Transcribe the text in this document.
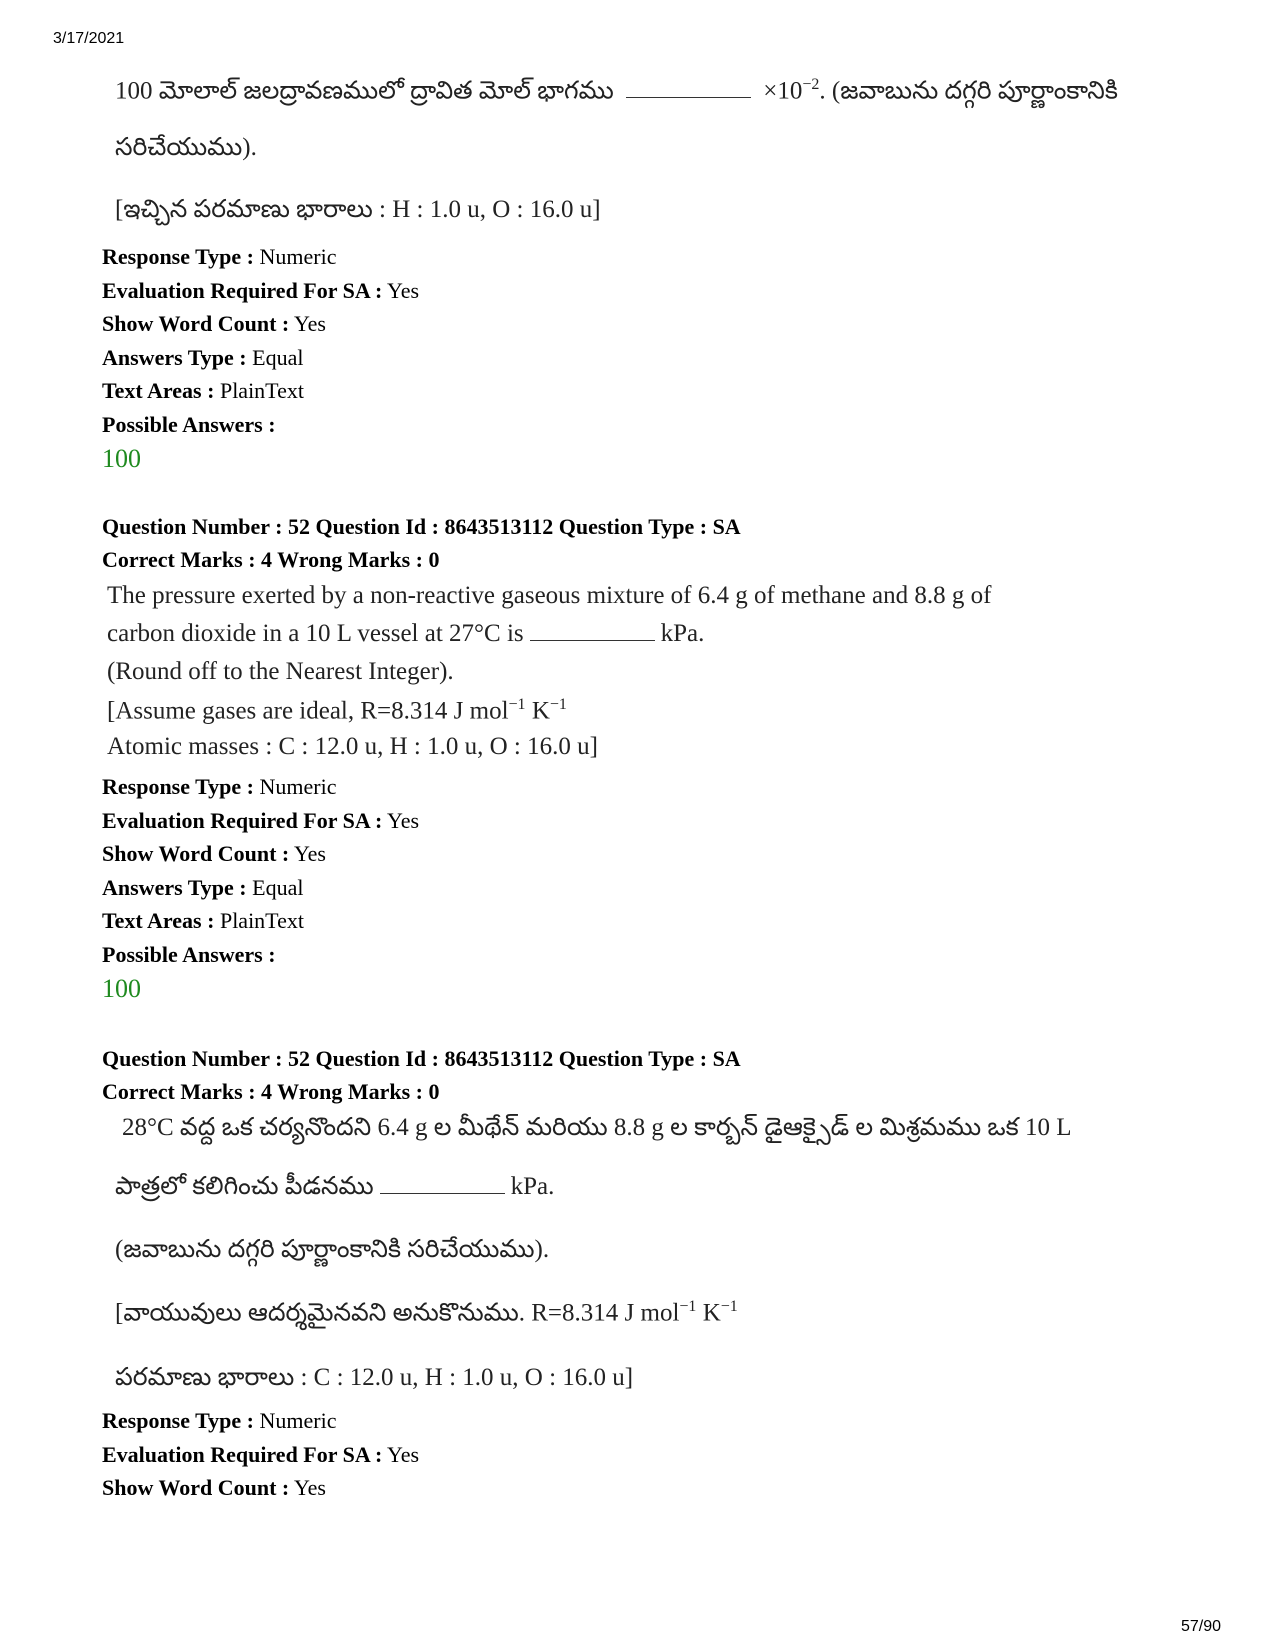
3/17/2021
100 మోలాల్ జలద్రావణములో ద్రావిత మోల్ భాగము	$\times 10^{-2}$. (జవాబును దగ్గరి పూర్ణాంకానికి
సరిచేయుము).
[ఇచ్చిన పరమాణు భారాలు : H : 1.0 u, O : 16.0 u]
Response Type : Numeric
Evaluation Required For SA : Yes
Show Word Count : Yes
Answers Type : Equal
Text Areas : PlainText
Possible Answers :
100
Question Number : 52 Question Id : 8643513112 Question Type : SA
Correct Marks : 4 Wrong Marks : 0
The pressure exerted by a non-reactive gaseous mixture of 6.4 g of methane and 8.8 g of
carbon dioxide in a 10 L vessel at 27°C is	kPa.
(Round off to the Nearest Integer).
[Assume gases are ideal, R=8.314 J mol$^{-1}$ $K^{-1}$
Atomic masses : C : 12.0 u, H : 1.0 u, O : 16.0 u]
Response Type : Numeric
Evaluation Required For SA : Yes
Show Word Count : Yes
Answers Type : Equal
Text Areas : PlainText
Possible Answers :
100
Question Number : 52 Question Id : 8643513112 Question Type : SA
Correct Marks : 4 Wrong Marks : 0
28°C వద్ద ఒక చర్యనొందని 6.4 g ల మీథేన్ మరియు 8.8 g ల కార్బన్ డైఆక్సైడ్ ల మిశ్రమము ఒక 10 L
పాత్రలో కలిగించు పీడనము	kPa.
(జవాబును దగ్గరి పూర్ణాంకానికి సరిచేయుము).
[వాయువులు ఆదర్శమైనవని అనుకొనుము. R=8.314 J mol$^{-1}$ $K^{-1}$
పరమాణు భారాలు : C : 12.0 u, H : 1.0 u, O : 16.0 u]
Response Type : Numeric
Evaluation Required For SA : Yes
Show Word Count : Yes
57/90
